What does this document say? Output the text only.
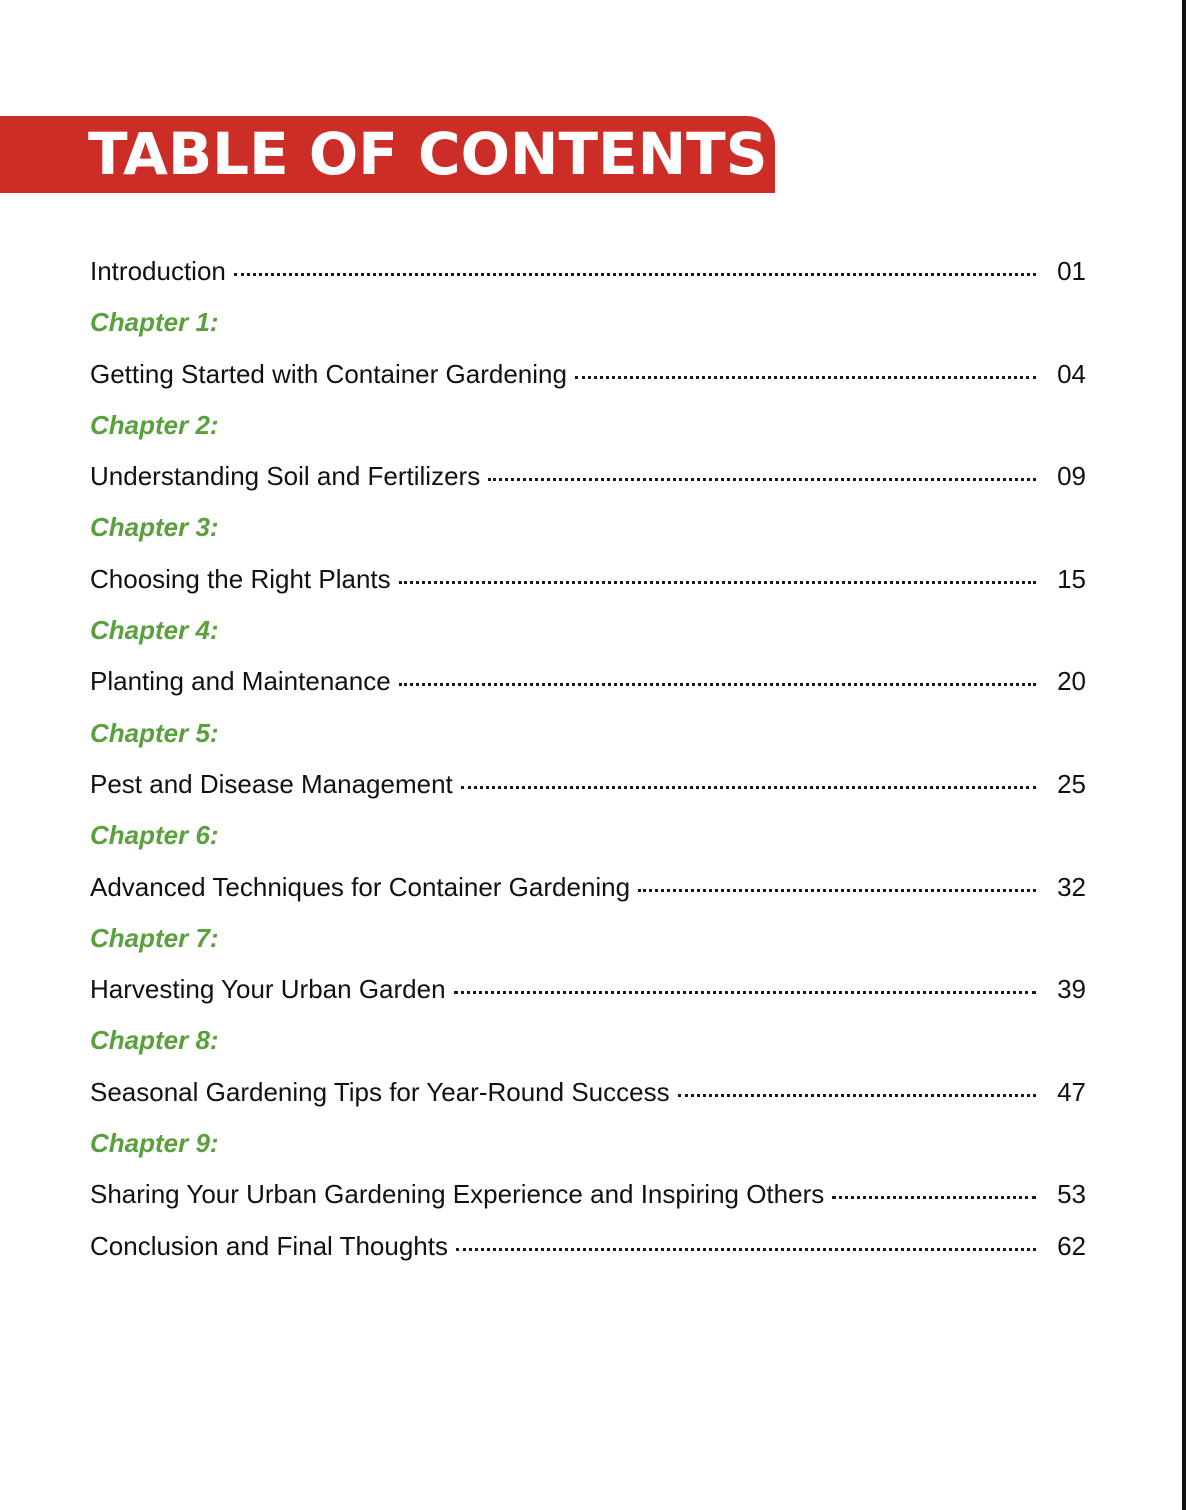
TABLE OF CONTENTS
Introduction	01
Chapter 1:
Getting Started with Container Gardening	04
Chapter 2:
Understanding Soil and Fertilizers	09
Chapter 3:
Choosing the Right Plants	15
Chapter 4:
Planting and Maintenance	20
Chapter 5:
Pest and Disease Management	25
Chapter 6:
Advanced Techniques for Container Gardening	32
Chapter 7:
Harvesting Your Urban Garden	39
Chapter 8:
Seasonal Gardening Tips for Year-Round Success	47
Chapter 9:
Sharing Your Urban Gardening Experience and Inspiring Others	53
Conclusion and Final Thoughts	62
